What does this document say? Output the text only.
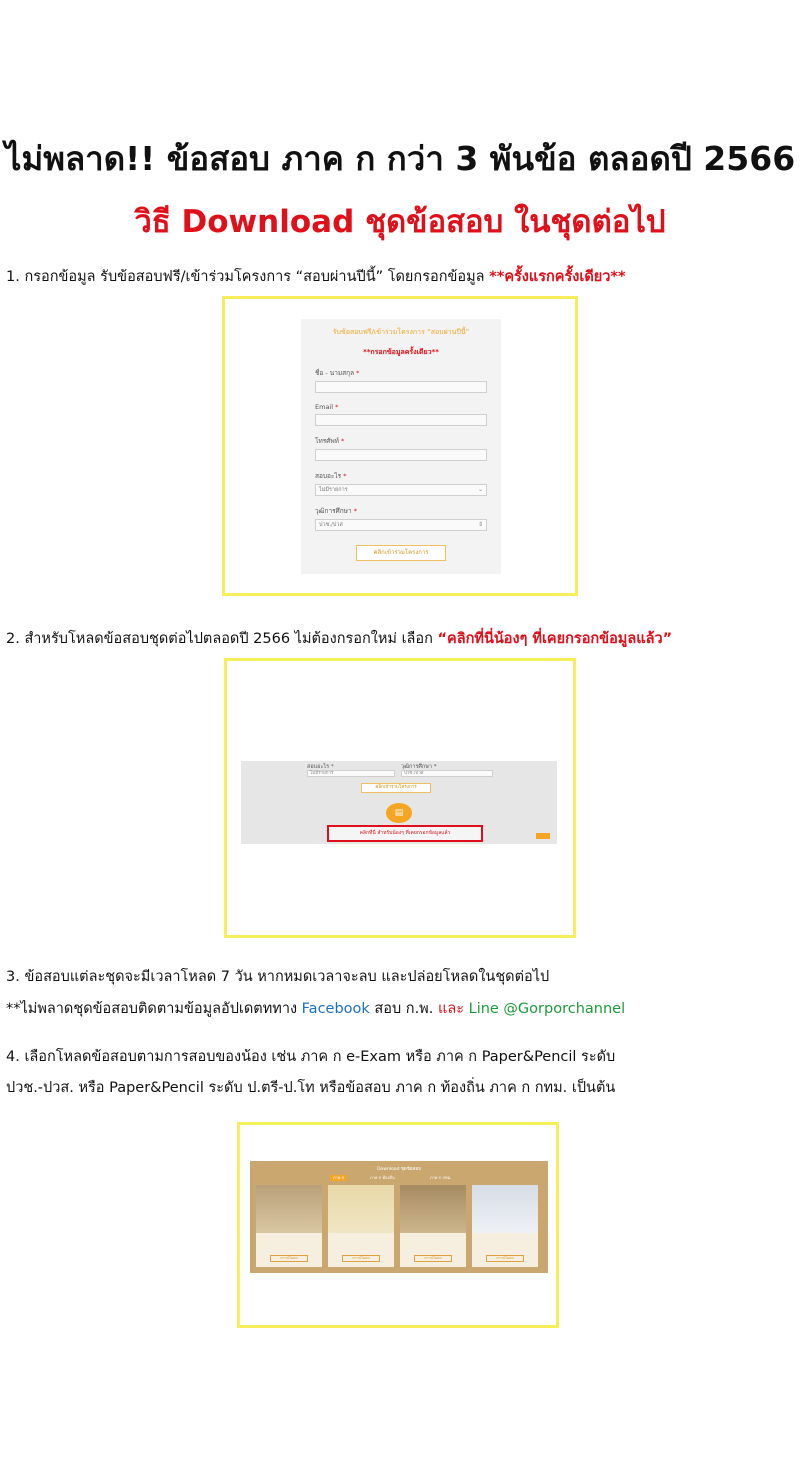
ไม่พลาด!! ข้อสอบ ภาค ก กว่า 3 พันข้อ ตลอดปี 2566
วิธี Download ชุดข้อสอบ ในชุดต่อไป
1. กรอกข้อมูล รับข้อสอบฟรี/เข้าร่วมโครงการ “สอบผ่านปีนี้” โดยกรอกข้อมูล **ครั้งแรกครั้งเดียว**
รับข้อสอบฟรี/เข้าร่วมโครงการ “สอบผ่านปีนี้”
**กรอกข้อมูลครั้งเดียว**
ชื่อ - นามสกุล *
Email *
โทรศัพท์ *
สอบอะไร *
ไม่มีรายการ	⌄
วุฒิการศึกษา *
ปวช./ปวส	⇕
คลิกเข้าร่วมโครงการ
2. สำหรับโหลดข้อสอบชุดต่อไปตลอดปี 2566 ไม่ต้องกรอกใหม่ เลือก “คลิกที่นี่น้องๆ ที่เคยกรอกข้อมูลแล้ว”
สอบอะไร *	วุฒิการศึกษา *
ไม่มีรายการ	ปวช./ปวส
คลิกเข้าร่วมโครงการ
▤
คลิกที่นี่ สำหรับน้องๆ ที่เคยกรอกข้อมูลแล้ว
3. ข้อสอบแต่ละชุดจะมีเวลาโหลด 7 วัน หากหมดเวลาจะลบ และปล่อยโหลดในชุดต่อไป
**ไม่พลาดชุดข้อสอบติดตามข้อมูลอัปเดตททาง Facebook สอบ ก.พ. และ Line @Gorporchannel
4. เลือกโหลดข้อสอบตามการสอบของน้อง เช่น ภาค ก e-Exam หรือ ภาค ก Paper&Pencil ระดับ
ปวช.-ปวส. หรือ Paper&Pencil ระดับ ป.ตรี-ป.โท หรือข้อสอบ ภาค ก ท้องถิ่น ภาค ก กทม. เป็นต้น
Download ชุดข้อสอบ
ภาค ก	ภาค ก ท้องถิ่น	ภาค ก กทม.
ดาวน์โหลด	ดาวน์โหลด	ดาวน์โหลด	ดาวน์โหลด
